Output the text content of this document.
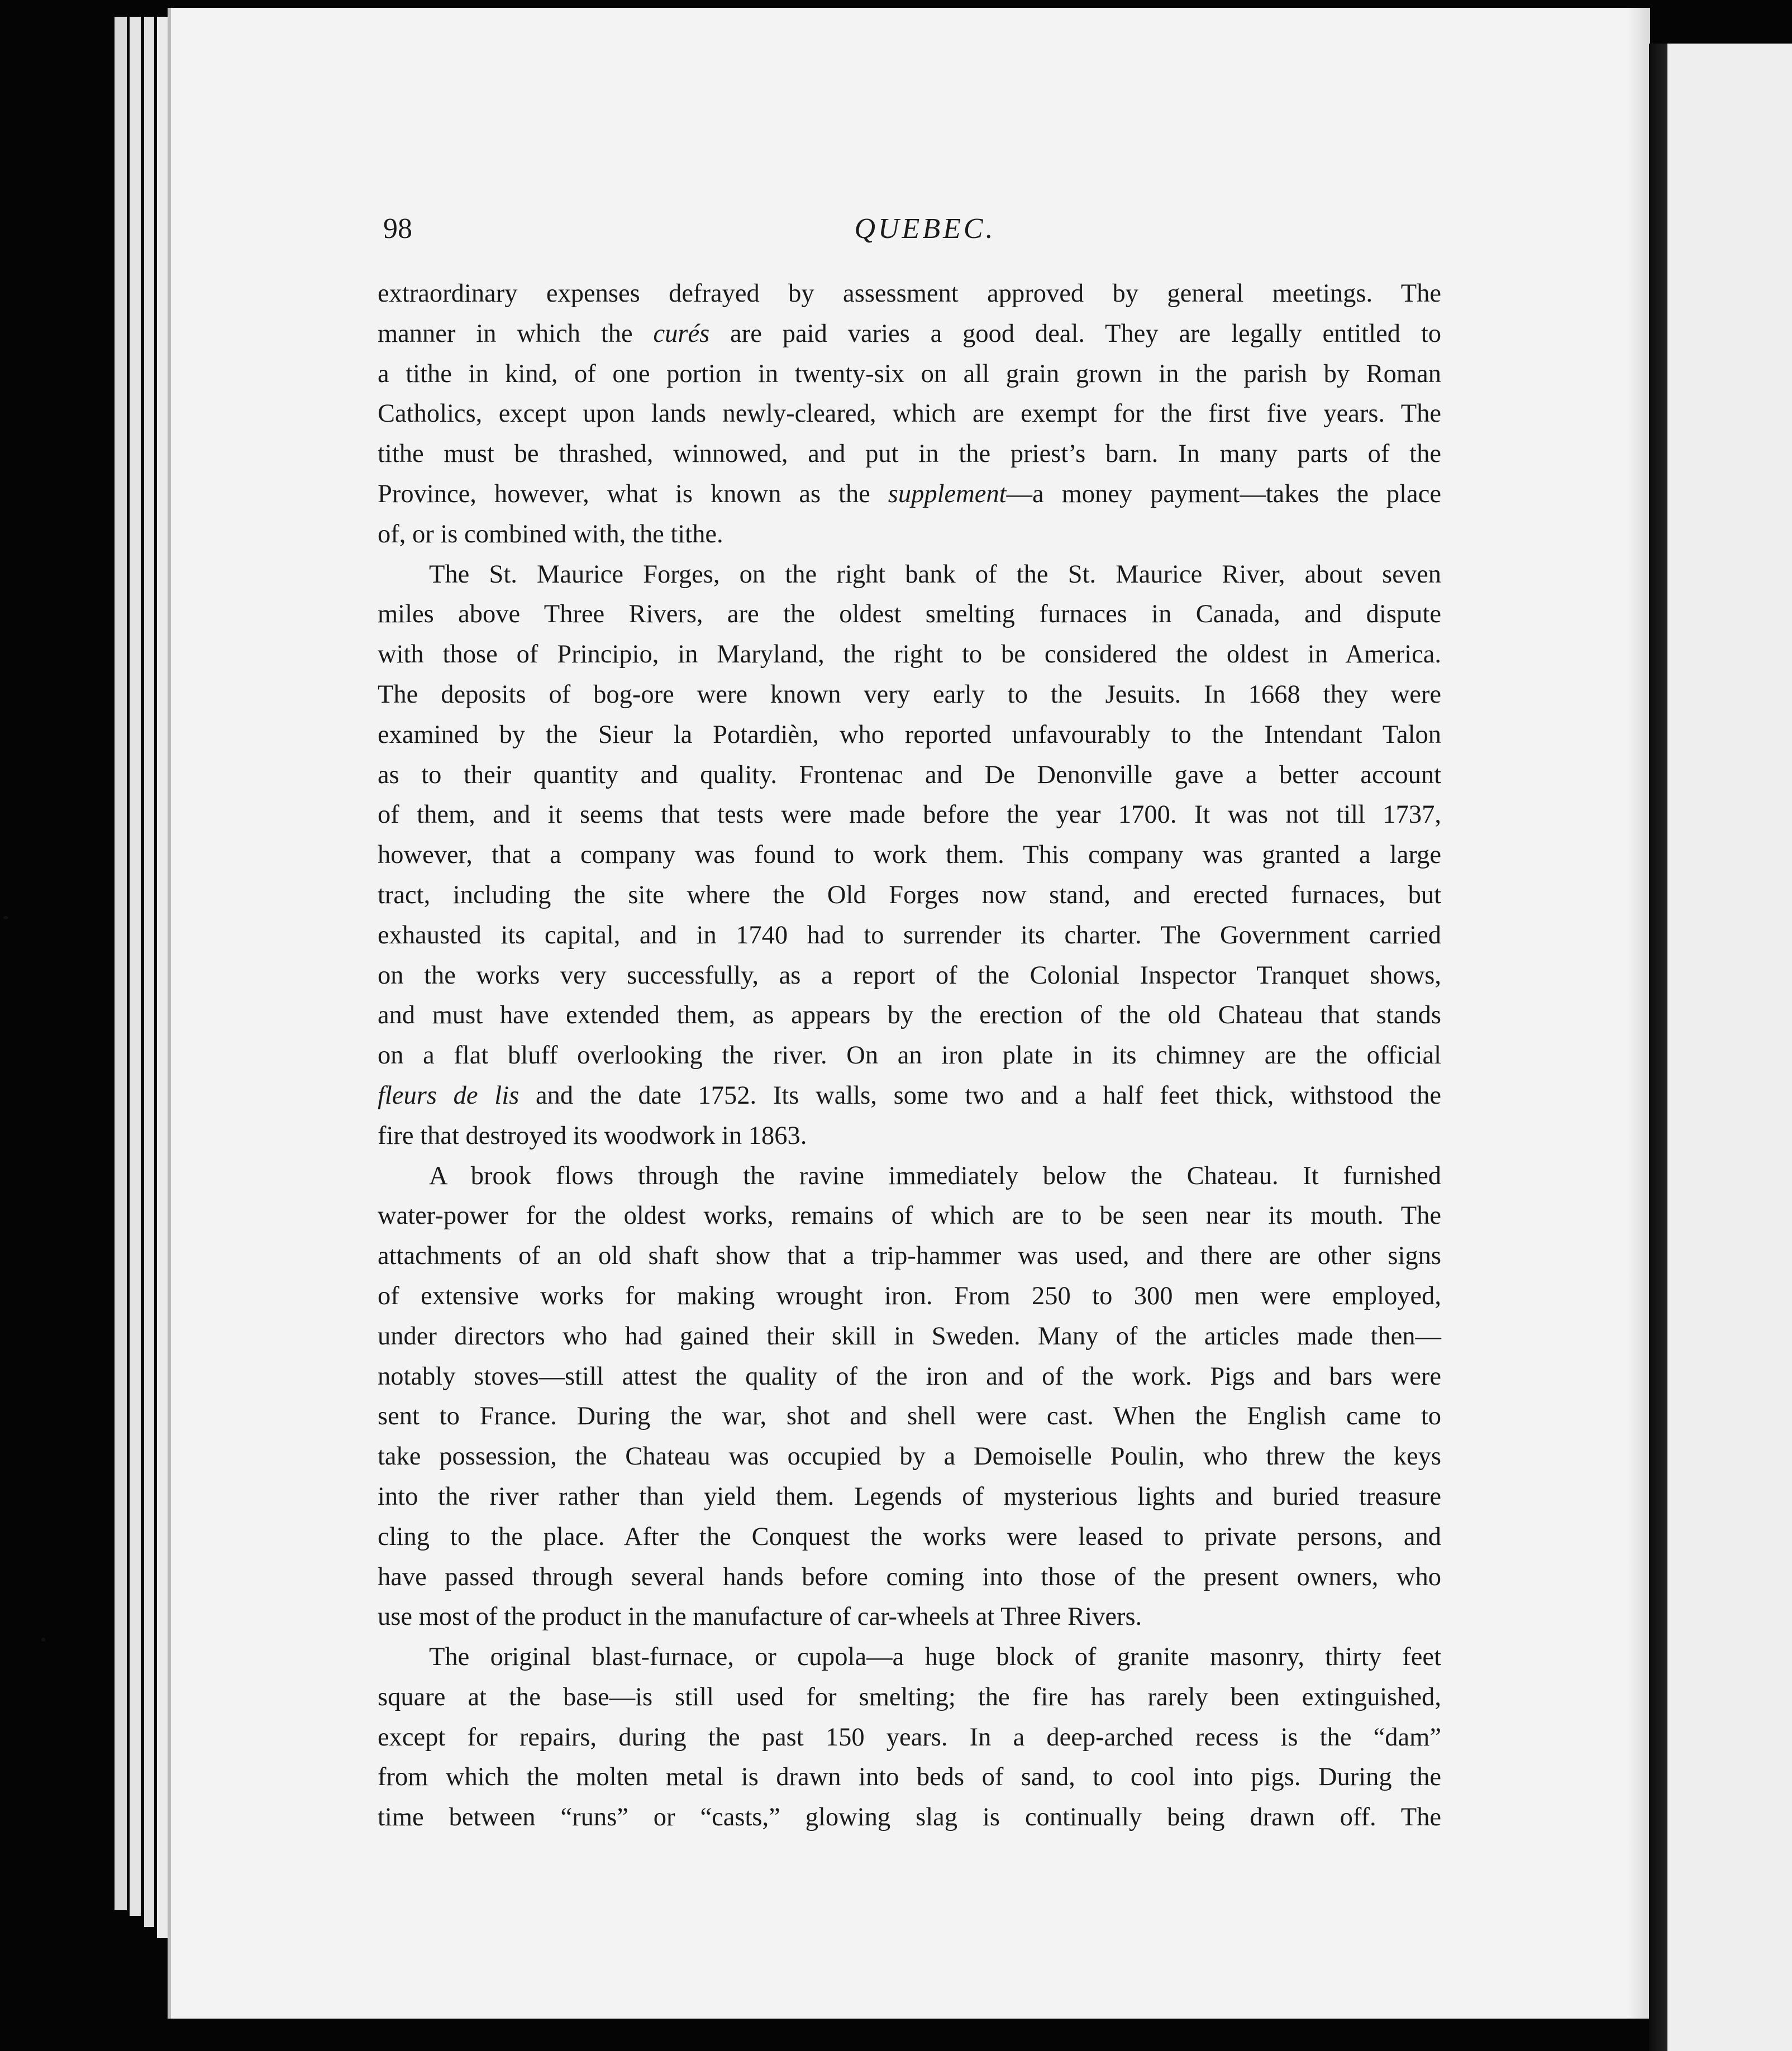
98	QUEBEC.
extraordinary expenses defrayed by assessment approved by general meetings. The
manner in which the curés are paid varies a good deal. They are legally entitled to
a tithe in kind, of one portion in twenty-six on all grain grown in the parish by Roman
Catholics, except upon lands newly-cleared, which are exempt for the first five years. The
tithe must be thrashed, winnowed, and put in the priest’s barn. In many parts of the
Province, however, what is known as the supplement—a money payment—takes the place
of, or is combined with, the tithe.
The St. Maurice Forges, on the right bank of the St. Maurice River, about seven
miles above Three Rivers, are the oldest smelting furnaces in Canada, and dispute
with those of Principio, in Maryland, the right to be considered the oldest in America.
The deposits of bog-ore were known very early to the Jesuits. In 1668 they were
examined by the Sieur la Potardièn, who reported unfavourably to the Intendant Talon
as to their quantity and quality. Frontenac and De Denonville gave a better account
of them, and it seems that tests were made before the year 1700. It was not till 1737,
however, that a company was found to work them. This company was granted a large
tract, including the site where the Old Forges now stand, and erected furnaces, but
exhausted its capital, and in 1740 had to surrender its charter. The Government carried
on the works very successfully, as a report of the Colonial Inspector Tranquet shows,
and must have extended them, as appears by the erection of the old Chateau that stands
on a flat bluff overlooking the river. On an iron plate in its chimney are the official
fleurs de lis and the date 1752. Its walls, some two and a half feet thick, withstood the
fire that destroyed its woodwork in 1863.
A brook flows through the ravine immediately below the Chateau. It furnished
water-power for the oldest works, remains of which are to be seen near its mouth. The
attachments of an old shaft show that a trip-hammer was used, and there are other signs
of extensive works for making wrought iron. From 250 to 300 men were employed,
under directors who had gained their skill in Sweden. Many of the articles made then—
notably stoves—still attest the quality of the iron and of the work. Pigs and bars were
sent to France. During the war, shot and shell were cast. When the English came to
take possession, the Chateau was occupied by a Demoiselle Poulin, who threw the keys
into the river rather than yield them. Legends of mysterious lights and buried treasure
cling to the place. After the Conquest the works were leased to private persons, and
have passed through several hands before coming into those of the present owners, who
use most of the product in the manufacture of car-wheels at Three Rivers.
The original blast-furnace, or cupola—a huge block of granite masonry, thirty feet
square at the base—is still used for smelting; the fire has rarely been extinguished,
except for repairs, during the past 150 years. In a deep-arched recess is the “dam”
from which the molten metal is drawn into beds of sand, to cool into pigs. During the
time between “runs” or “casts,” glowing slag is continually being drawn off. The
